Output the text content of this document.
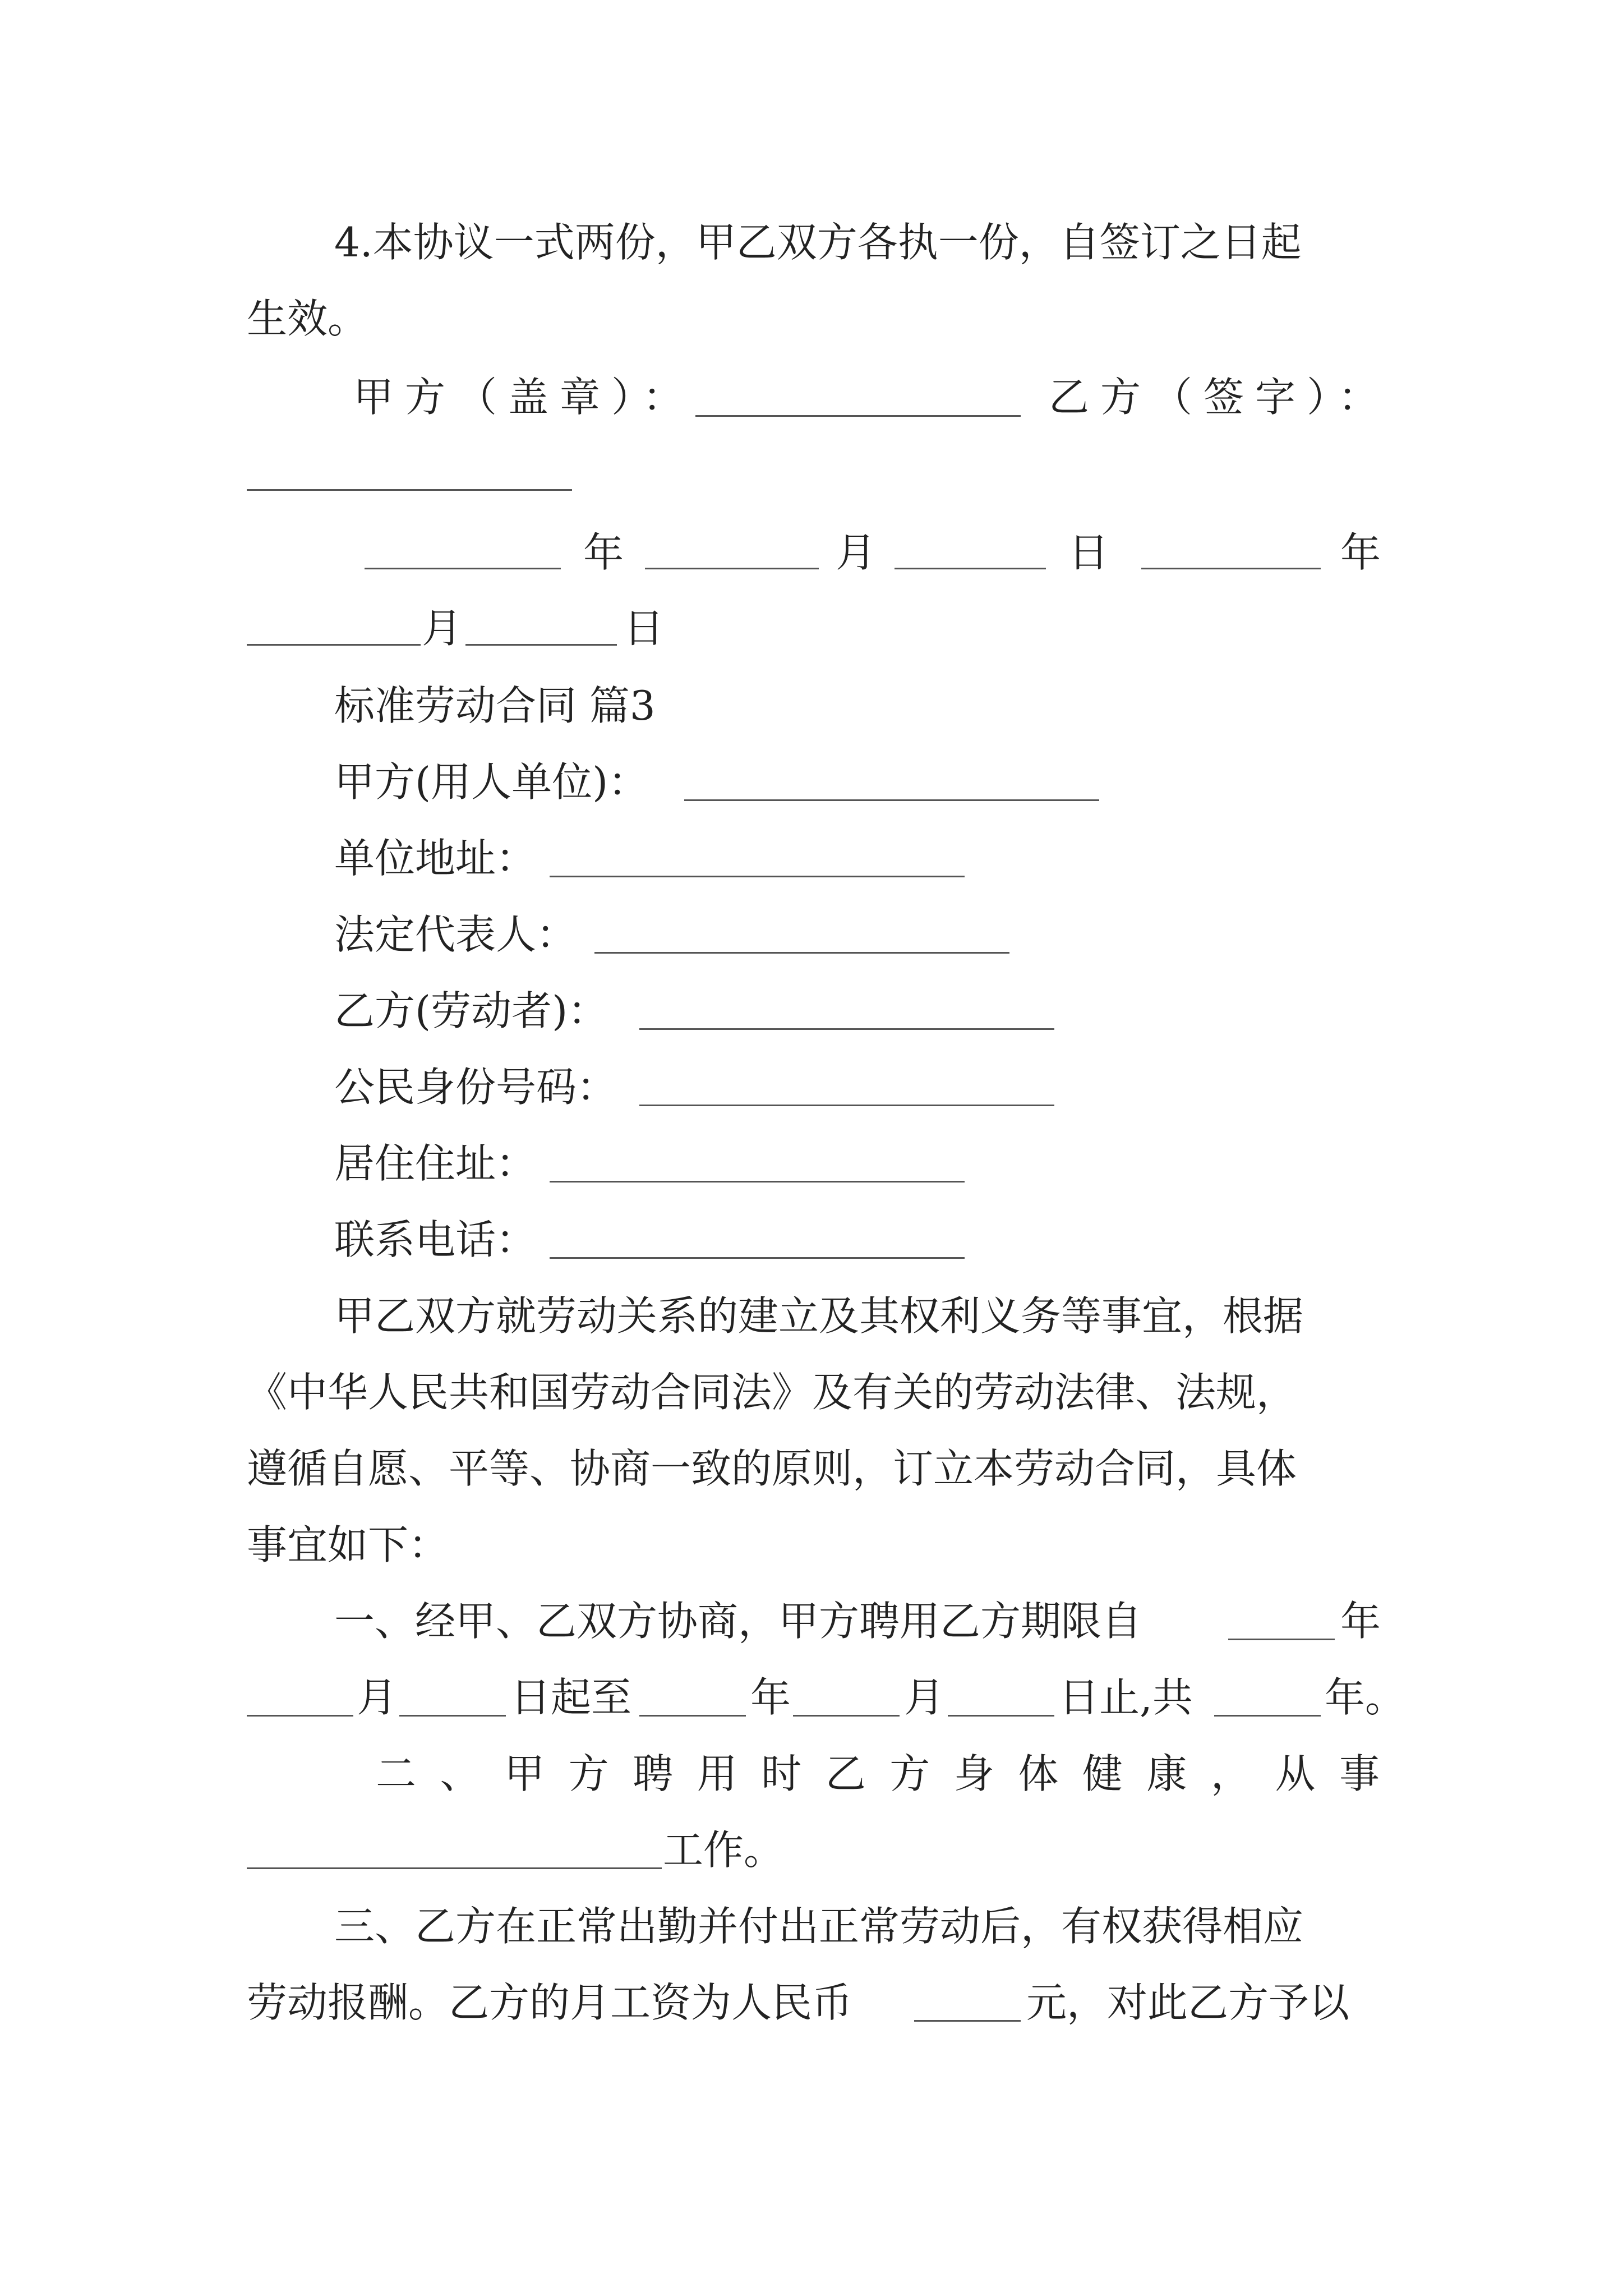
4.本协议一式两份，甲乙双方各执一份，自签订之日起
生效。
甲方（盖章）：	乙方（签字）：
年	月	日	年
月	日
标准劳动合同 篇3
甲方(用人单位)：
单位地址：
法定代表人：
乙方(劳动者)：
公民身份号码：
居住住址：
联系电话：
甲乙双方就劳动关系的建立及其权利义务等事宜，根据
《中华人民共和国劳动合同法》及有关的劳动法律、法规，
遵循自愿、平等、协商一致的原则，订立本劳动合同，具体
事宜如下：
一、经甲、乙双方协商，甲方聘用乙方期限自	年
月	日起至	年	月	日止,共	年。
二 、 甲 方 聘 用 时 乙 方 身 体 健 康 ， 从 事
工作。
三、乙方在正常出勤并付出正常劳动后，有权获得相应
劳动报酬。乙方的月工资为人民币	元，对此乙方予以
